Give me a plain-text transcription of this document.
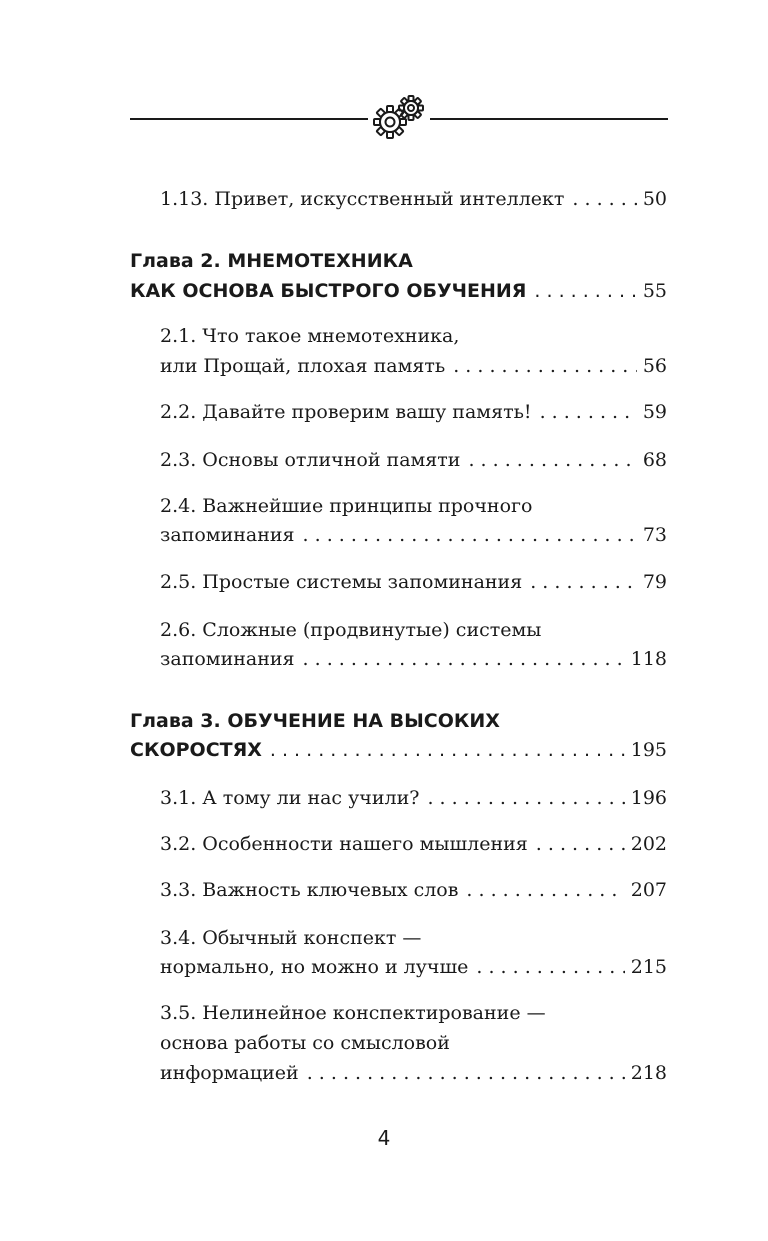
1.13. Привет, искусственный интеллект . . .	50
Глава 2. МНЕМОТЕХНИКА
КАК ОСНОВА БЫСТРОГО ОБУЧЕНИЯ . . .	55
2.1. Что такое мнемотехника,
или Прощай, плохая память . . .	56
2.2. Давайте проверим вашу память! . . .	59
2.3. Основы отличной памяти . . .	68
2.4. Важнейшие принципы прочного
запоминания . . .	73
2.5. Простые системы запоминания . . .	79
2.6. Сложные (продвинутые) системы
запоминания . . .	118
Глава 3. ОБУЧЕНИЕ НА ВЫСОКИХ
СКОРОСТЯХ . . .	195
3.1. А тому ли нас учили? . . .	196
3.2. Особенности нашего мышления . . .	202
3.3. Важность ключевых слов . . .	207
3.4. Обычный конспект —
нормально, но можно и лучше . . .	215
3.5. Нелинейное конспектирование —
основа работы со смысловой
информацией . . .	218
4
